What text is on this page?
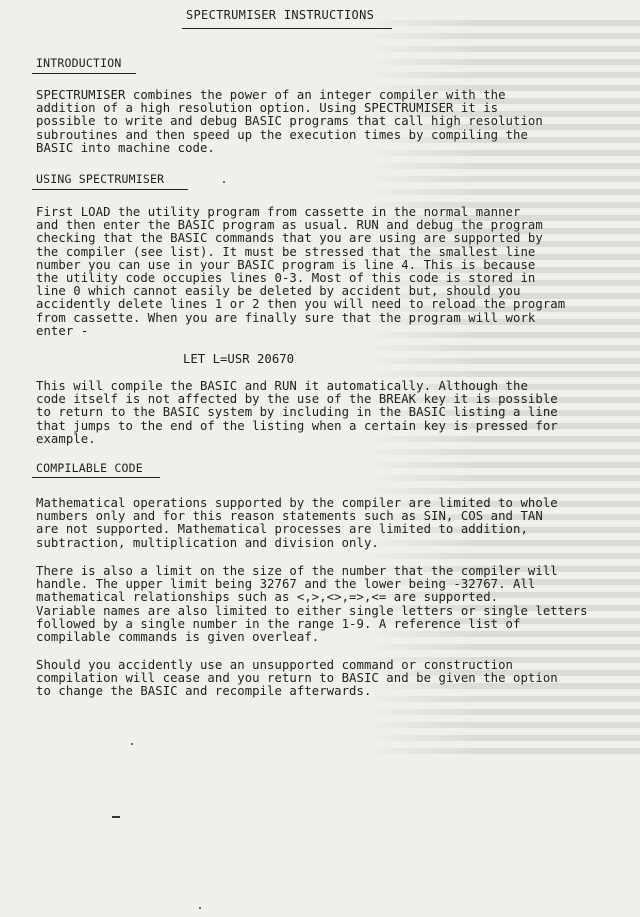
SPECTRUMISER INSTRUCTIONS
INTRODUCTION

SPECTRUMISER combines the power of an integer compiler with the
addition of a high resolution option. Using SPECTRUMISER it is
possible to write and debug BASIC programs that call high resolution
subroutines and then speed up the execution times by compiling the
BASIC into machine code.

USING SPECTRUMISER

First LOAD the utility program from cassette in the normal manner
and then enter the BASIC program as usual. RUN and debug the program
checking that the BASIC commands that you are using are supported by
the compiler (see list). It must be stressed that the smallest line
number you can use in your BASIC program is line 4. This is because
the utility code occupies lines 0-3. Most of this code is stored in
line 0 which cannot easily be deleted by accident but, should you
accidently delete lines 1 or 2 then you will need to reload the program
from cassette. When you are finally sure that the program will work
enter -

LET L=USR 20670

This will compile the BASIC and RUN it automatically. Although the
code itself is not affected by the use of the BREAK key it is possible
to return to the BASIC system by including in the BASIC listing a line
that jumps to the end of the listing when a certain key is pressed for
example.

COMPILABLE CODE

Mathematical operations supported by the compiler are limited to whole
numbers only and for this reason statements such as SIN, COS and TAN
are not supported. Mathematical processes are limited to addition,
subtraction, multiplication and division only.

There is also a limit on the size of the number that the compiler will
handle. The upper limit being 32767 and the lower being -32767. All
mathematical relationships such as <,>,<>,=>,<= are supported.
Variable names are also limited to either single letters or single letters
followed by a single number in the range 1-9. A reference list of
compilable commands is given overleaf.

Should you accidently use an unsupported command or construction
compilation will cease and you return to BASIC and be given the option
to change the BASIC and recompile afterwards.
